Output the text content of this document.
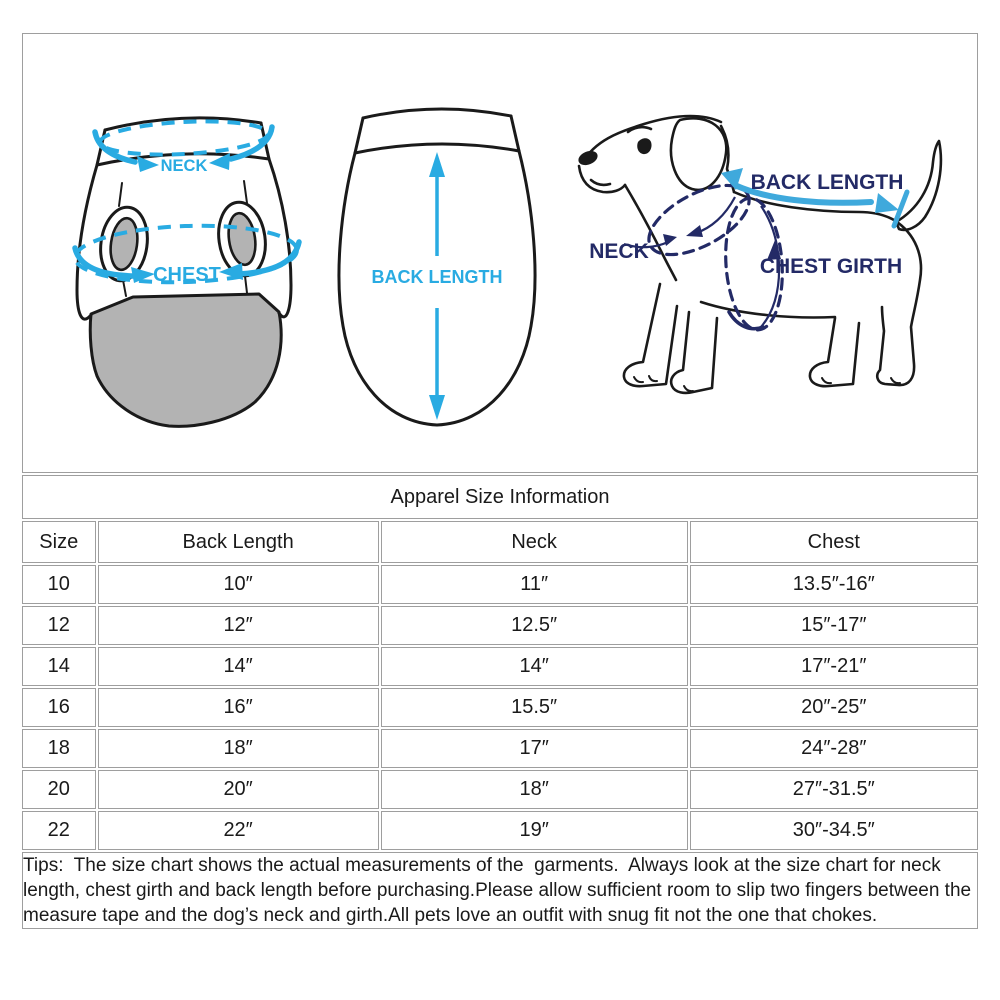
NECK
CHEST	BACK LENGTH
BACK LENGTH
NECK
CHEST GIRTH

Apparel Size Information			
Size	Back Length	Neck	Chest
10	10″	11″	13.5″-16″
12	12″	12.5″	15″-17″
14	14″	14″	17″-21″
16	16″	15.5″	20″-25″
18	18″	17″	24″-28″
20	20″	18″	27″-31.5″
22	22″	19″	30″-34.5″

Tips:  The size chart shows the actual measurements of the  garments.  Always look at the size chart for neck length, chest girth and back length before purchasing.Please allow sufficient room to slip two fingers between the measure tape and the dog’s neck and girth.All pets love an outfit with snug fit not the one that chokes.			
